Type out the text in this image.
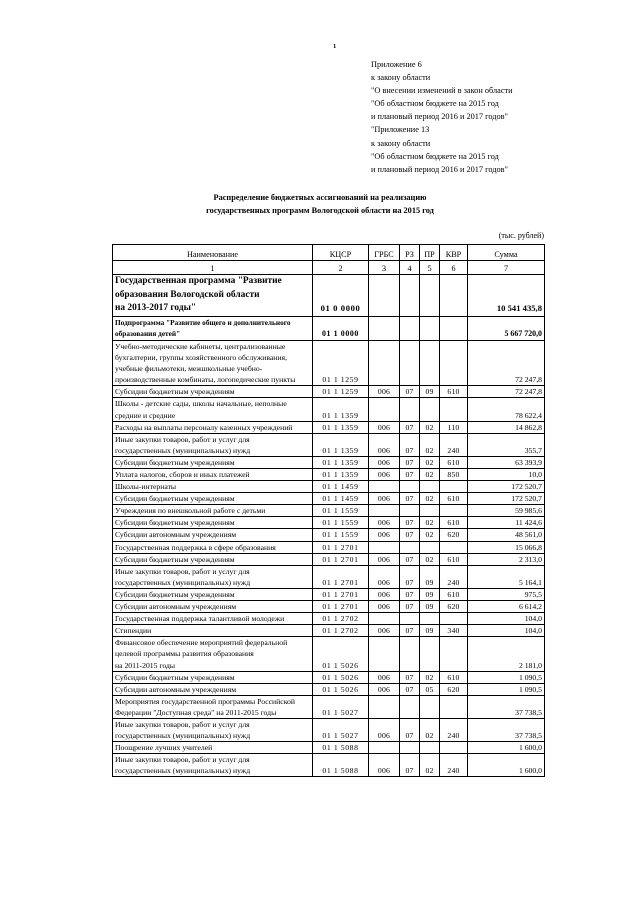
1
Приложение 6
к закону области
"О внесении изменений в закон области
"Об областном бюджете на 2015 год
и плановый период 2016 и 2017 годов"
"Приложение 13
к закону области
"Об областном бюджете на 2015 год
и плановый период 2016 и 2017 годов"
Распределение бюджетных ассигнований на реализацию
государственных программ Вологодской области на 2015 год
(тыс. рублей)
Наименование	КЦСР	ГРБС	РЗ	ПР	КВР	Сумма
1	2	3	4	5	6	7

Государственная программа "Развитие
образования Вологодской области
на 2013-2017 годы"	01 0 0000					10 541 435,8

Подпрограмма "Развитие общего и дополнительного
образования детей"	01 1 0000					5 667 720,0

Учебно-методические кабинеты, централизованные
бухгалтерии, группы хозяйственного обслуживания,
учебные фильмотеки, межшкольные учебно-
производственные комбинаты, логопедические пункты	01 1 1259					72 247,8

Субсидии бюджетным учреждениям	01 1 1259	006	07	09	610	72 247,8

Школы - детские сады, школы начальные, неполные
средние и средние	01 1 1359					78 622,4

Расходы на выплаты персоналу казенных учреждений	01 1 1359	006	07	02	110	14 862,8

Иные закупки товаров, работ и услуг для
государственных (муниципальных) нужд	01 1 1359	006	07	02	240	355,7

Субсидии бюджетным учреждениям	01 1 1359	006	07	02	610	63 393,9

Уплата налогов, сборов и иных платежей	01 1 1359	006	07	02	850	10,0

Школы-интернаты	01 1 1459					172 520,7

Субсидии бюджетным учреждениям	01 1 1459	006	07	02	610	172 520,7

Учреждения по внешкольной работе с детьми	01 1 1559					59 985,6

Субсидии бюджетным учреждениям	01 1 1559	006	07	02	610	11 424,6

Субсидии автономным учреждениям	01 1 1559	006	07	02	620	48 561,0

Государственная поддержка в сфере образования	01 1 2701					15 066,8

Субсидии бюджетным учреждениям	01 1 2701	006	07	02	610	2 313,0

Иные закупки товаров, работ и услуг для
государственных (муниципальных) нужд	01 1 2701	006	07	09	240	5 164,1

Субсидии бюджетным учреждениям	01 1 2701	006	07	09	610	975,5

Субсидии автономным учреждениям	01 1 2701	006	07	09	620	6 614,2

Государственная поддержка талантливой молодежи	01 1 2702					104,0

Стипендии	01 1 2702	006	07	09	340	104,0

Финансовое обеспечение мероприятий федеральной
целевой программы развития образования
на 2011-2015 годы	01 1 5026					2 181,0

Субсидии бюджетным учреждениям	01 1 5026	006	07	02	610	1 090,5

Субсидии автономным учреждениям	01 1 5026	006	07	05	620	1 090,5

Мероприятия государственной программы Российской
Федерации "Доступная среда" на 2011-2015 годы	01 1 5027					37 738,5

Иные закупки товаров, работ и услуг для
государственных (муниципальных) нужд	01 1 5027	006	07	02	240	37 738,5

Поощрение лучших учителей	01 1 5088					1 600,0

Иные закупки товаров, работ и услуг для
государственных (муниципальных) нужд	01 1 5088	006	07	02	240	1 600,0
